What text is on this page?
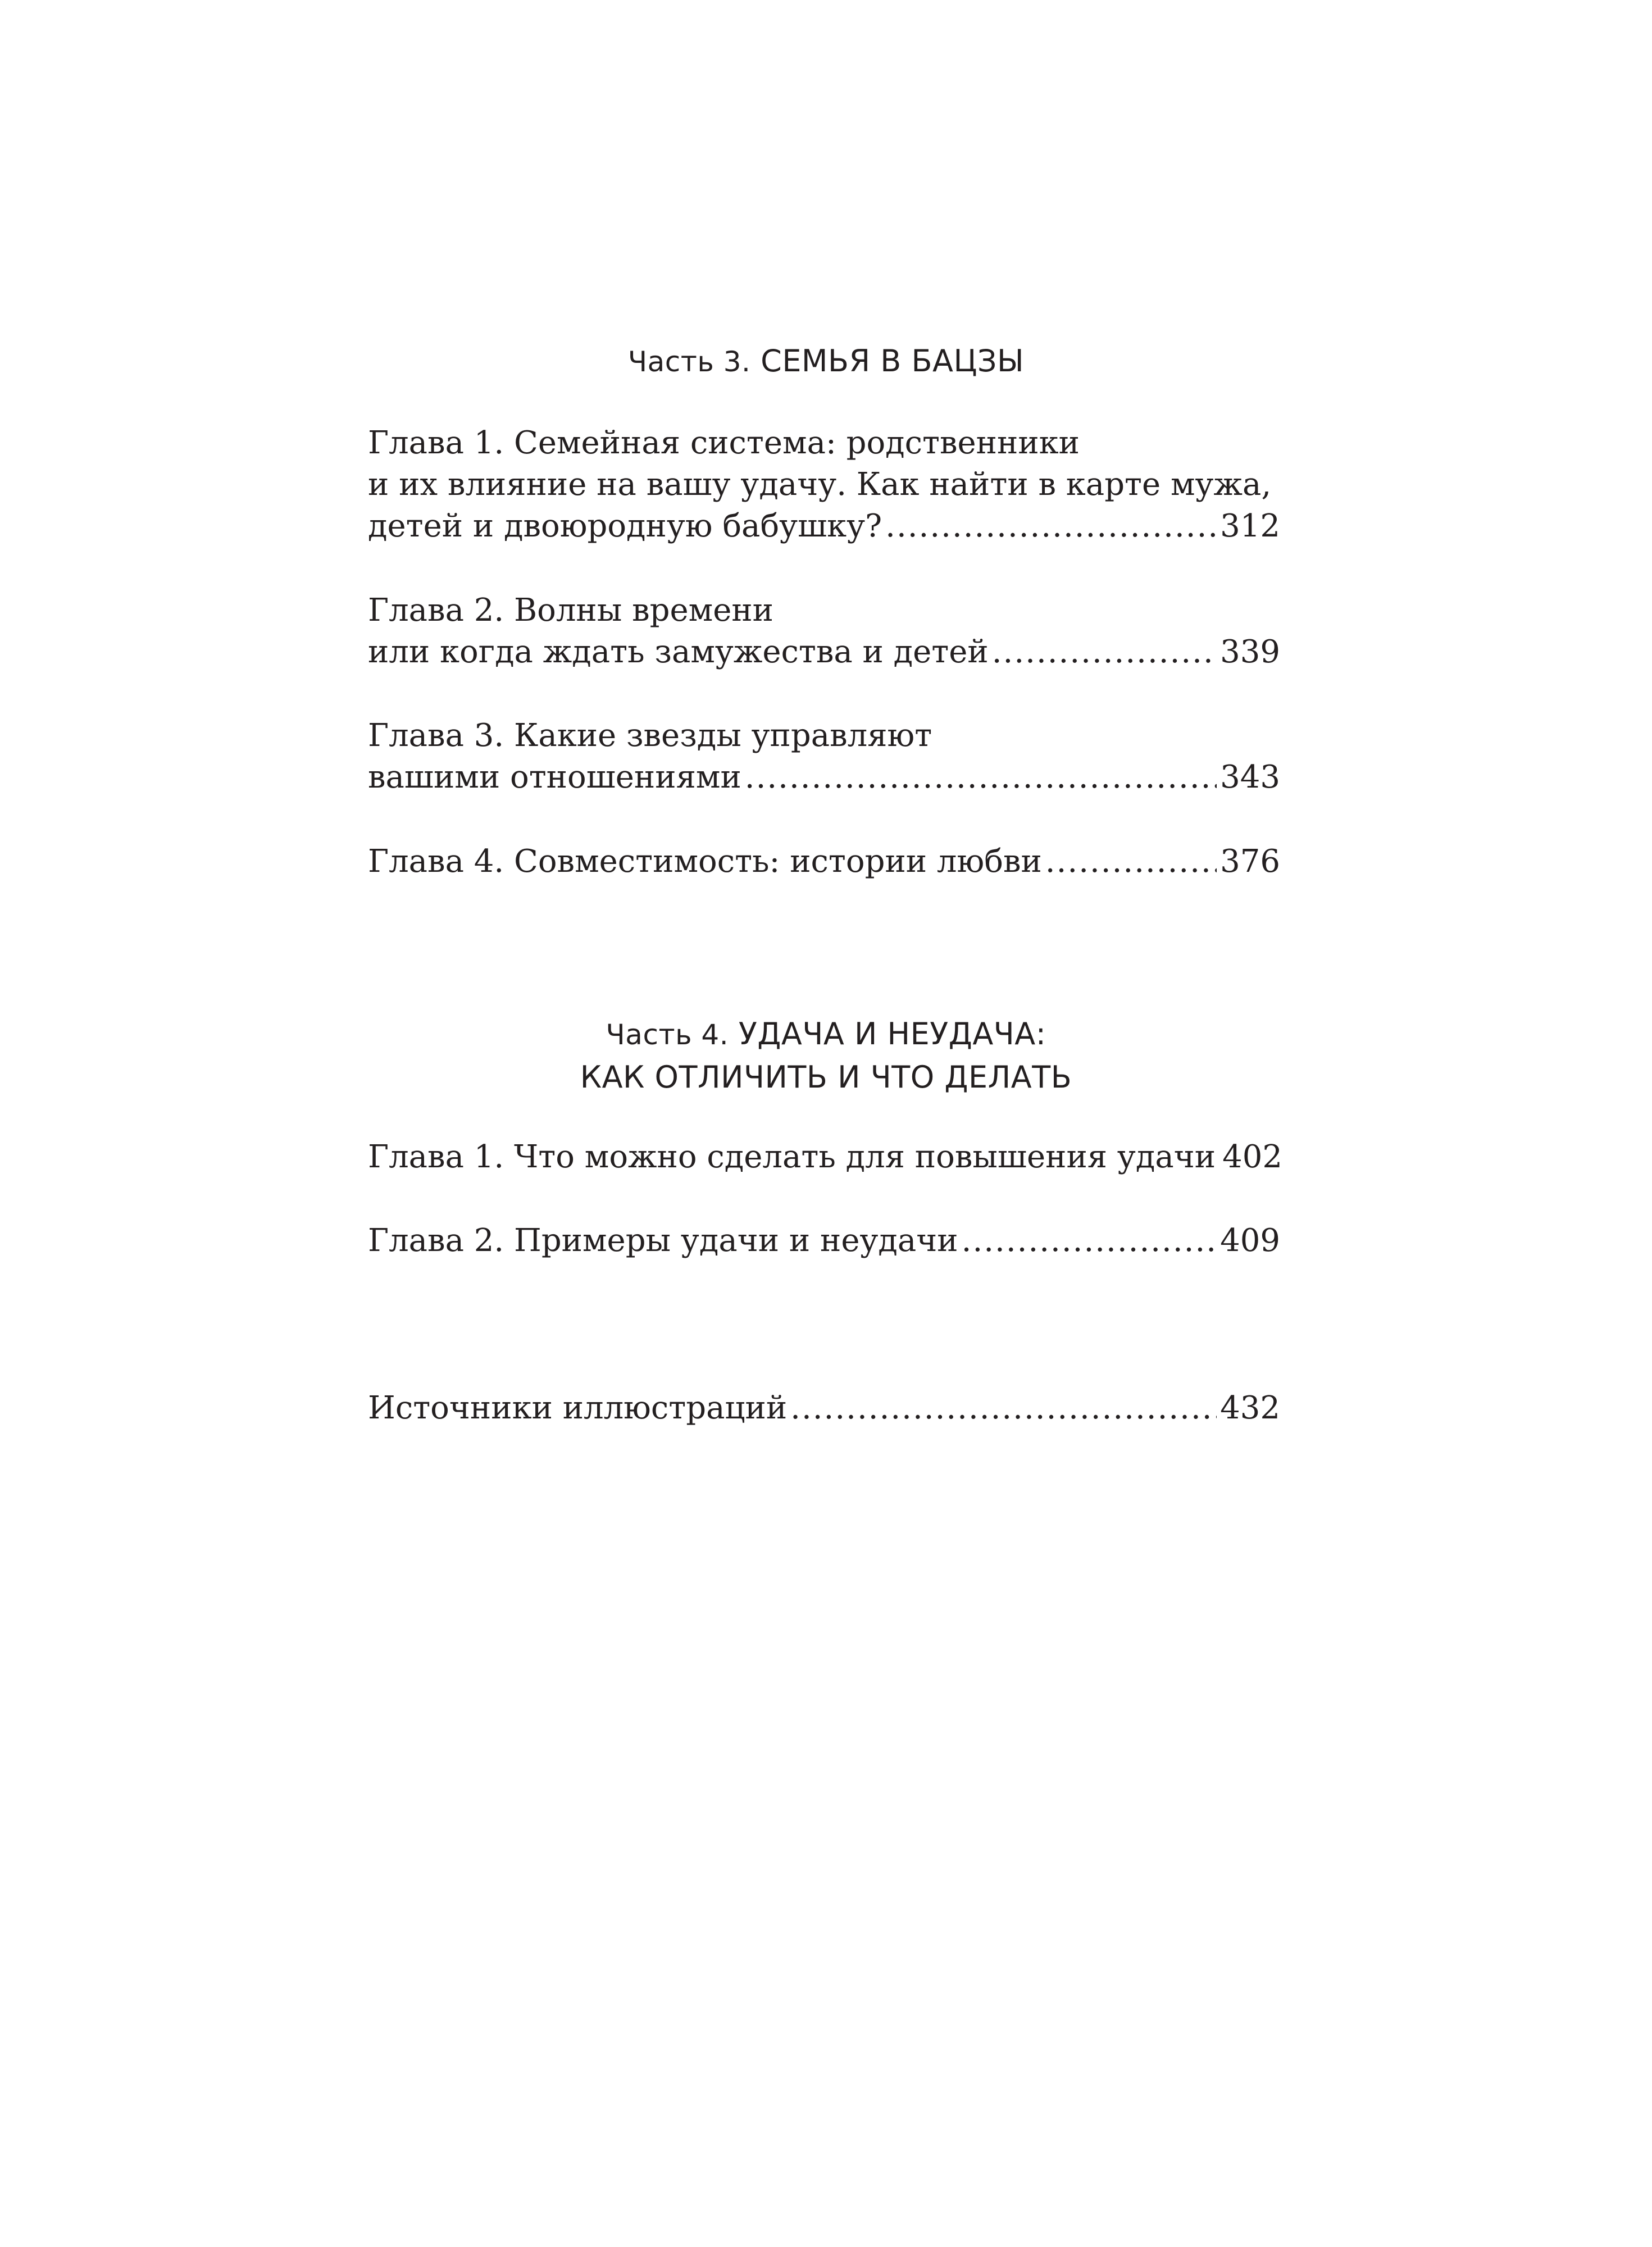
Часть 3. СЕМЬЯ В БАЦЗЫ
Глава 1. Семейная система: родственники
и их влияние на вашу удачу. Как найти в карте мужа,
детей и двоюродную бабушку? .....	312
Глава 2. Волны времени
или когда ждать замужества и детей .....	339
Глава 3. Какие звезды управляют
вашими отношениями .....	343
Глава 4. Совместимость: истории любви .....	376
Часть 4. УДАЧА И НЕУДАЧА:
КАК ОТЛИЧИТЬ И ЧТО ДЕЛАТЬ
Глава 1. Что можно сделать для повышения удачи 402
Глава 2. Примеры удачи и неудачи .....	409
Источники иллюстраций .....	432
